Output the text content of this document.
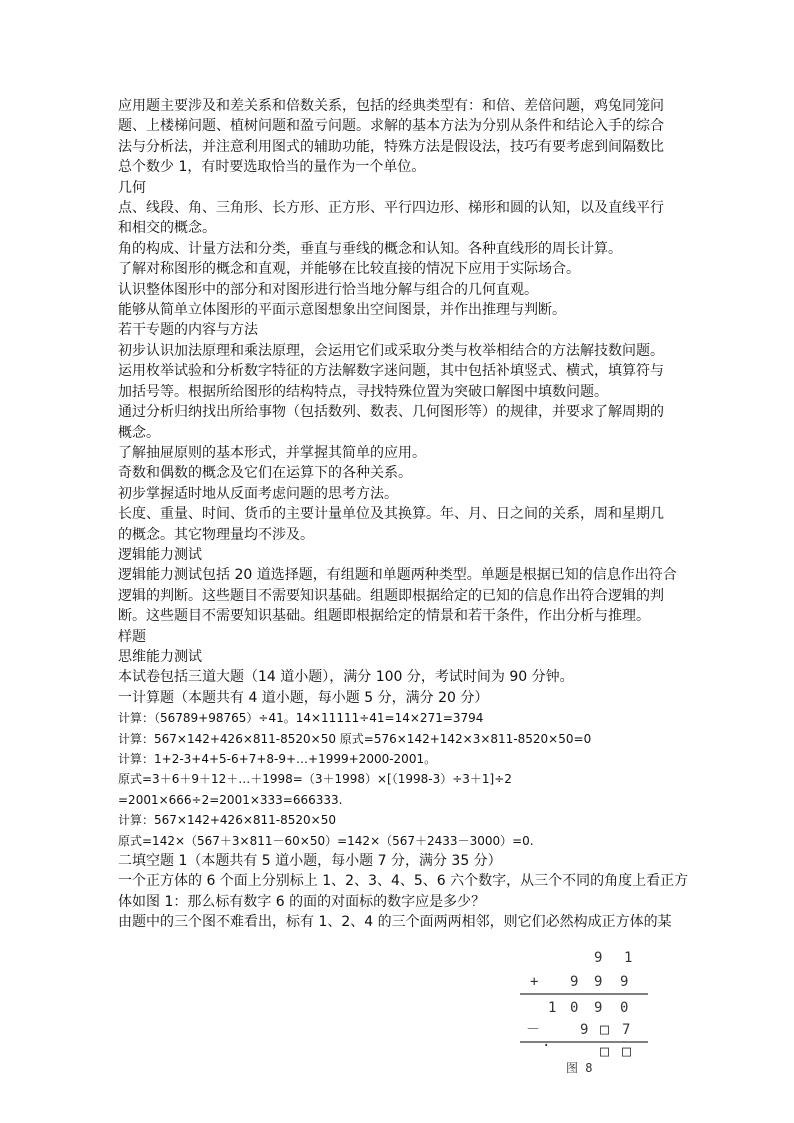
应用题主要涉及和差关系和倍数关系，包括的经典类型有：和倍、差倍问题，鸡兔同笼问

题、上楼梯问题、植树问题和盈亏问题。求解的基本方法为分别从条件和结论入手的综合

法与分析法，并注意利用图式的辅助功能，特殊方法是假设法，技巧有要考虑到间隔数比

总个数少 1，有时要选取恰当的量作为一个单位。

几何

点、线段、角、三角形、长方形、正方形、平行四边形、梯形和圆的认知，以及直线平行

和相交的概念。

角的构成、计量方法和分类，垂直与垂线的概念和认知。各种直线形的周长计算。

了解对称图形的概念和直观，并能够在比较直接的情况下应用于实际场合。

认识整体图形中的部分和对图形进行恰当地分解与组合的几何直观。

能够从简单立体图形的平面示意图想象出空间图景，并作出推理与判断。

若干专题的内容与方法

初步认识加法原理和乘法原理，会运用它们或采取分类与枚举相结合的方法解技数问题。

运用枚举试验和分析数字特征的方法解数字迷问题，其中包括补填竖式、横式，填算符与

加括号等。根据所给图形的结构特点，寻找特殊位置为突破口解图中填数问题。

通过分析归纳找出所给事物（包括数列、数表、几何图形等）的规律，并要求了解周期的

概念。

了解抽屉原则的基本形式，并掌握其简单的应用。

奇数和偶数的概念及它们在运算下的各种关系。

初步掌握适时地从反面考虑问题的思考方法。

长度、重量、时间、货币的主要计量单位及其换算。年、月、日之间的关系，周和星期几

的概念。其它物理量均不涉及。

逻辑能力测试

逻辑能力测试包括 20 道选择题，有组题和单题两种类型。单题是根据已知的信息作出符合

逻辑的判断。这些题目不需要知识基础。组题即根据给定的已知的信息作出符合逻辑的判

断。这些题目不需要知识基础。组题即根据给定的情景和若干条件，作出分析与推理。

样题

思维能力测试

本试卷包括三道大题（14 道小题），满分 100 分，考试时间为 90 分钟。

一计算题（本题共有 4 道小题，每小题 5 分，满分 20 分）

计算：（56789+98765）÷41。14×11111÷41=14×271=3794

计算：567×142+426×811-8520×50 原式=576×142+142×3×811-8520×50=0

计算：1+2-3+4+5-6+7+8-9+…+1999+2000-2001。

原式=3＋6＋9＋12＋…＋1998=（3＋1998）×[（1998-3）÷3＋1]÷2

=2001×666÷2=2001×333=666333.

计算：567×142+426×811-8520×50

原式=142×（567＋3×811－60×50）=142×（567＋2433－3000）=0.

二填空题 1（本题共有 5 道小题，每小题 7 分，满分 35 分）

一个正方体的 6 个面上分别标上 1、2、3、4、5、6 六个数字，从三个不同的角度上看正方

体如图 1：那么标有数字 6 的面的对面标的数字应是多少？

由题中的三个图不难看出，标有 1、2、4 的三个面两两相邻，则它们必然构成正方体的某

9 1
+ 9 9 9
1 0 9 0
－	9 □ 7
·	□ □
图 8
